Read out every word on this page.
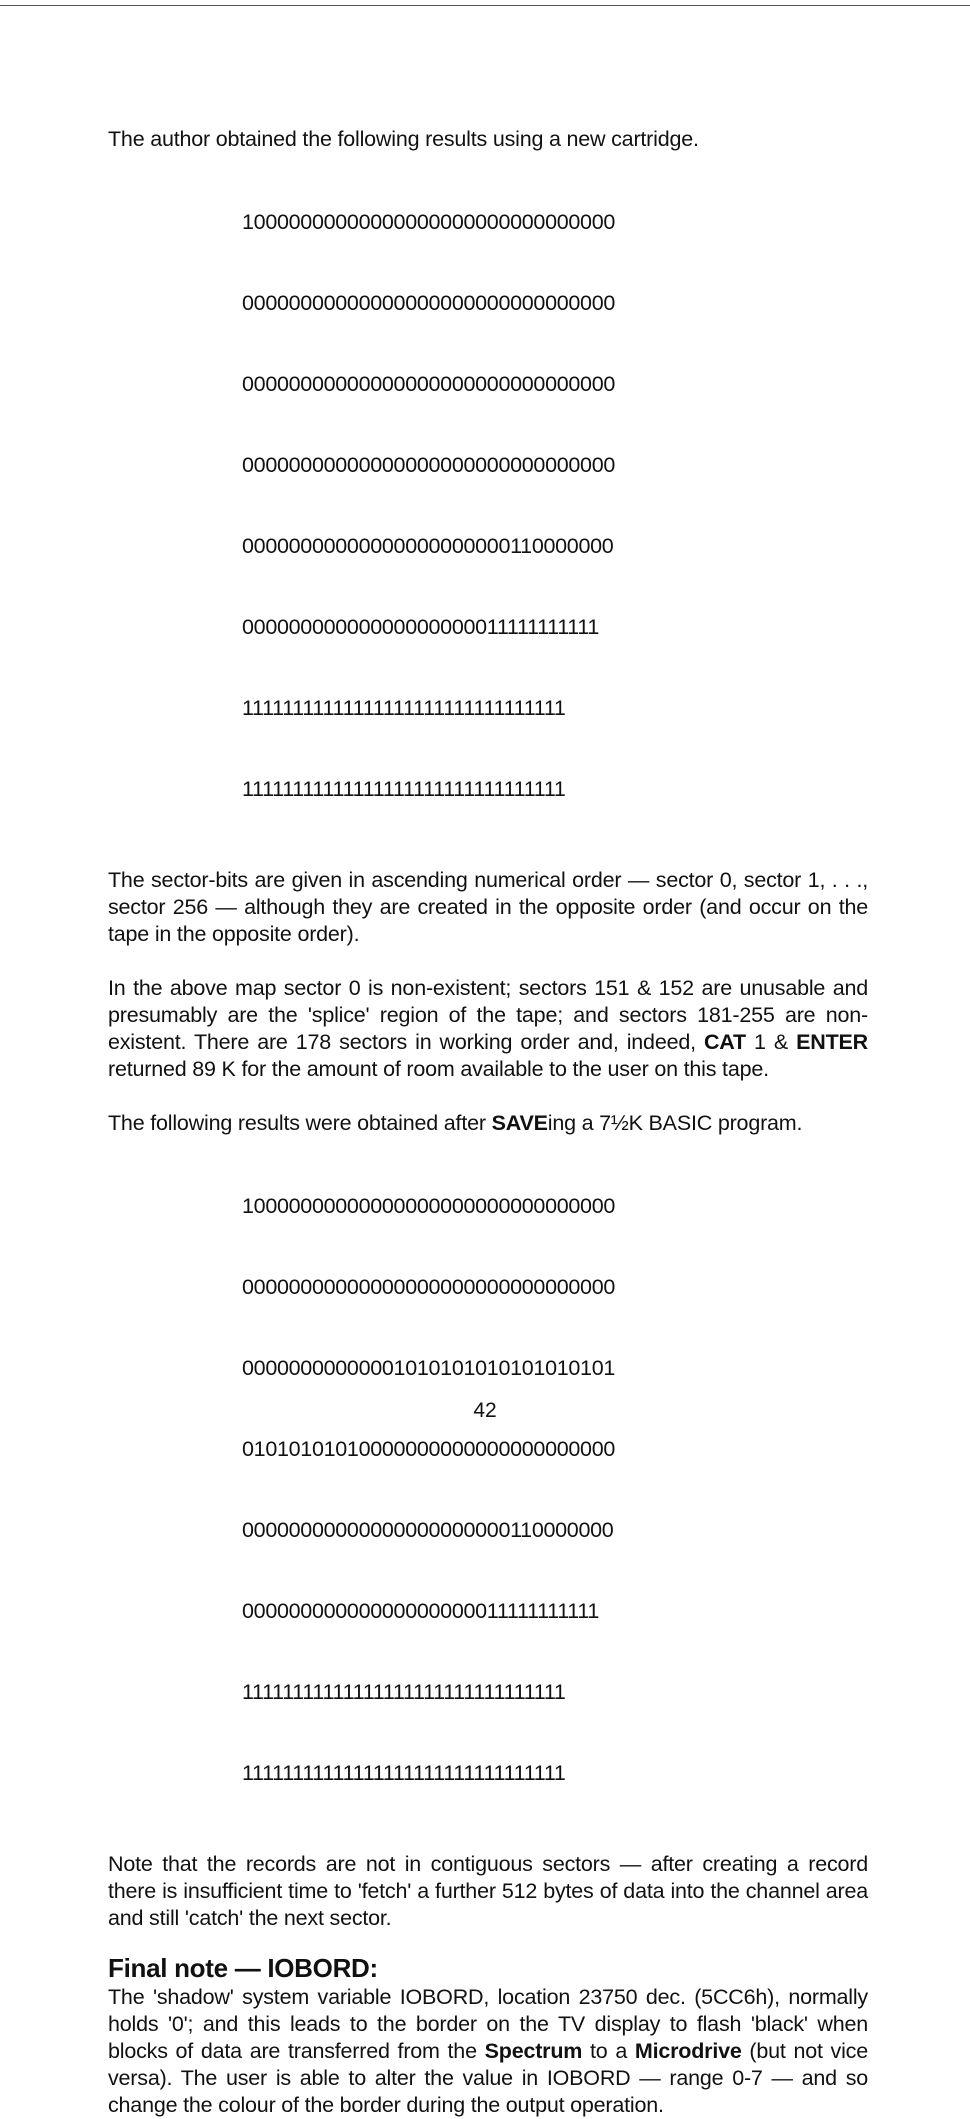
The author obtained the following results using a new cartridge.

10000000000000000000000000000000

00000000000000000000000000000000

00000000000000000000000000000000

00000000000000000000000000000000

00000000000000000000000110000000

00000000000000000000011111111111

11111111111111111111111111111111

11111111111111111111111111111111

The sector-bits are given in ascending numerical order — sector 0, sector 1, . . ., sector 256 — although they are created in the opposite order (and occur on the tape in the opposite order).

In the above map sector 0 is non-existent; sectors 151 & 152 are unusable and presumably are the 'splice' region of the tape; and sectors 181-255 are non-existent. There are 178 sectors in working order and, indeed, CAT 1 & ENTER returned 89 K for the amount of room available to the user on this tape.

The following results were obtained after SAVEing a 7½K BASIC program.

10000000000000000000000000000000

00000000000000000000000000000000

00000000000001010101010101010101

01010101010000000000000000000000

00000000000000000000000110000000

00000000000000000000011111111111

11111111111111111111111111111111

11111111111111111111111111111111

Note that the records are not in contiguous sectors — after creating a record there is insufficient time to 'fetch' a further 512 bytes of data into the channel area and still 'catch' the next sector.

Final note — IOBORD:

The 'shadow' system variable IOBORD, location 23750 dec. (5CC6h), normally holds '0'; and this leads to the border on the TV display to flash 'black' when blocks of data are transferred from the Spectrum to a Microdrive (but not vice versa). The user is able to alter the value in IOBORD — range 0-7 — and so change the colour of the border during the output operation.

42
